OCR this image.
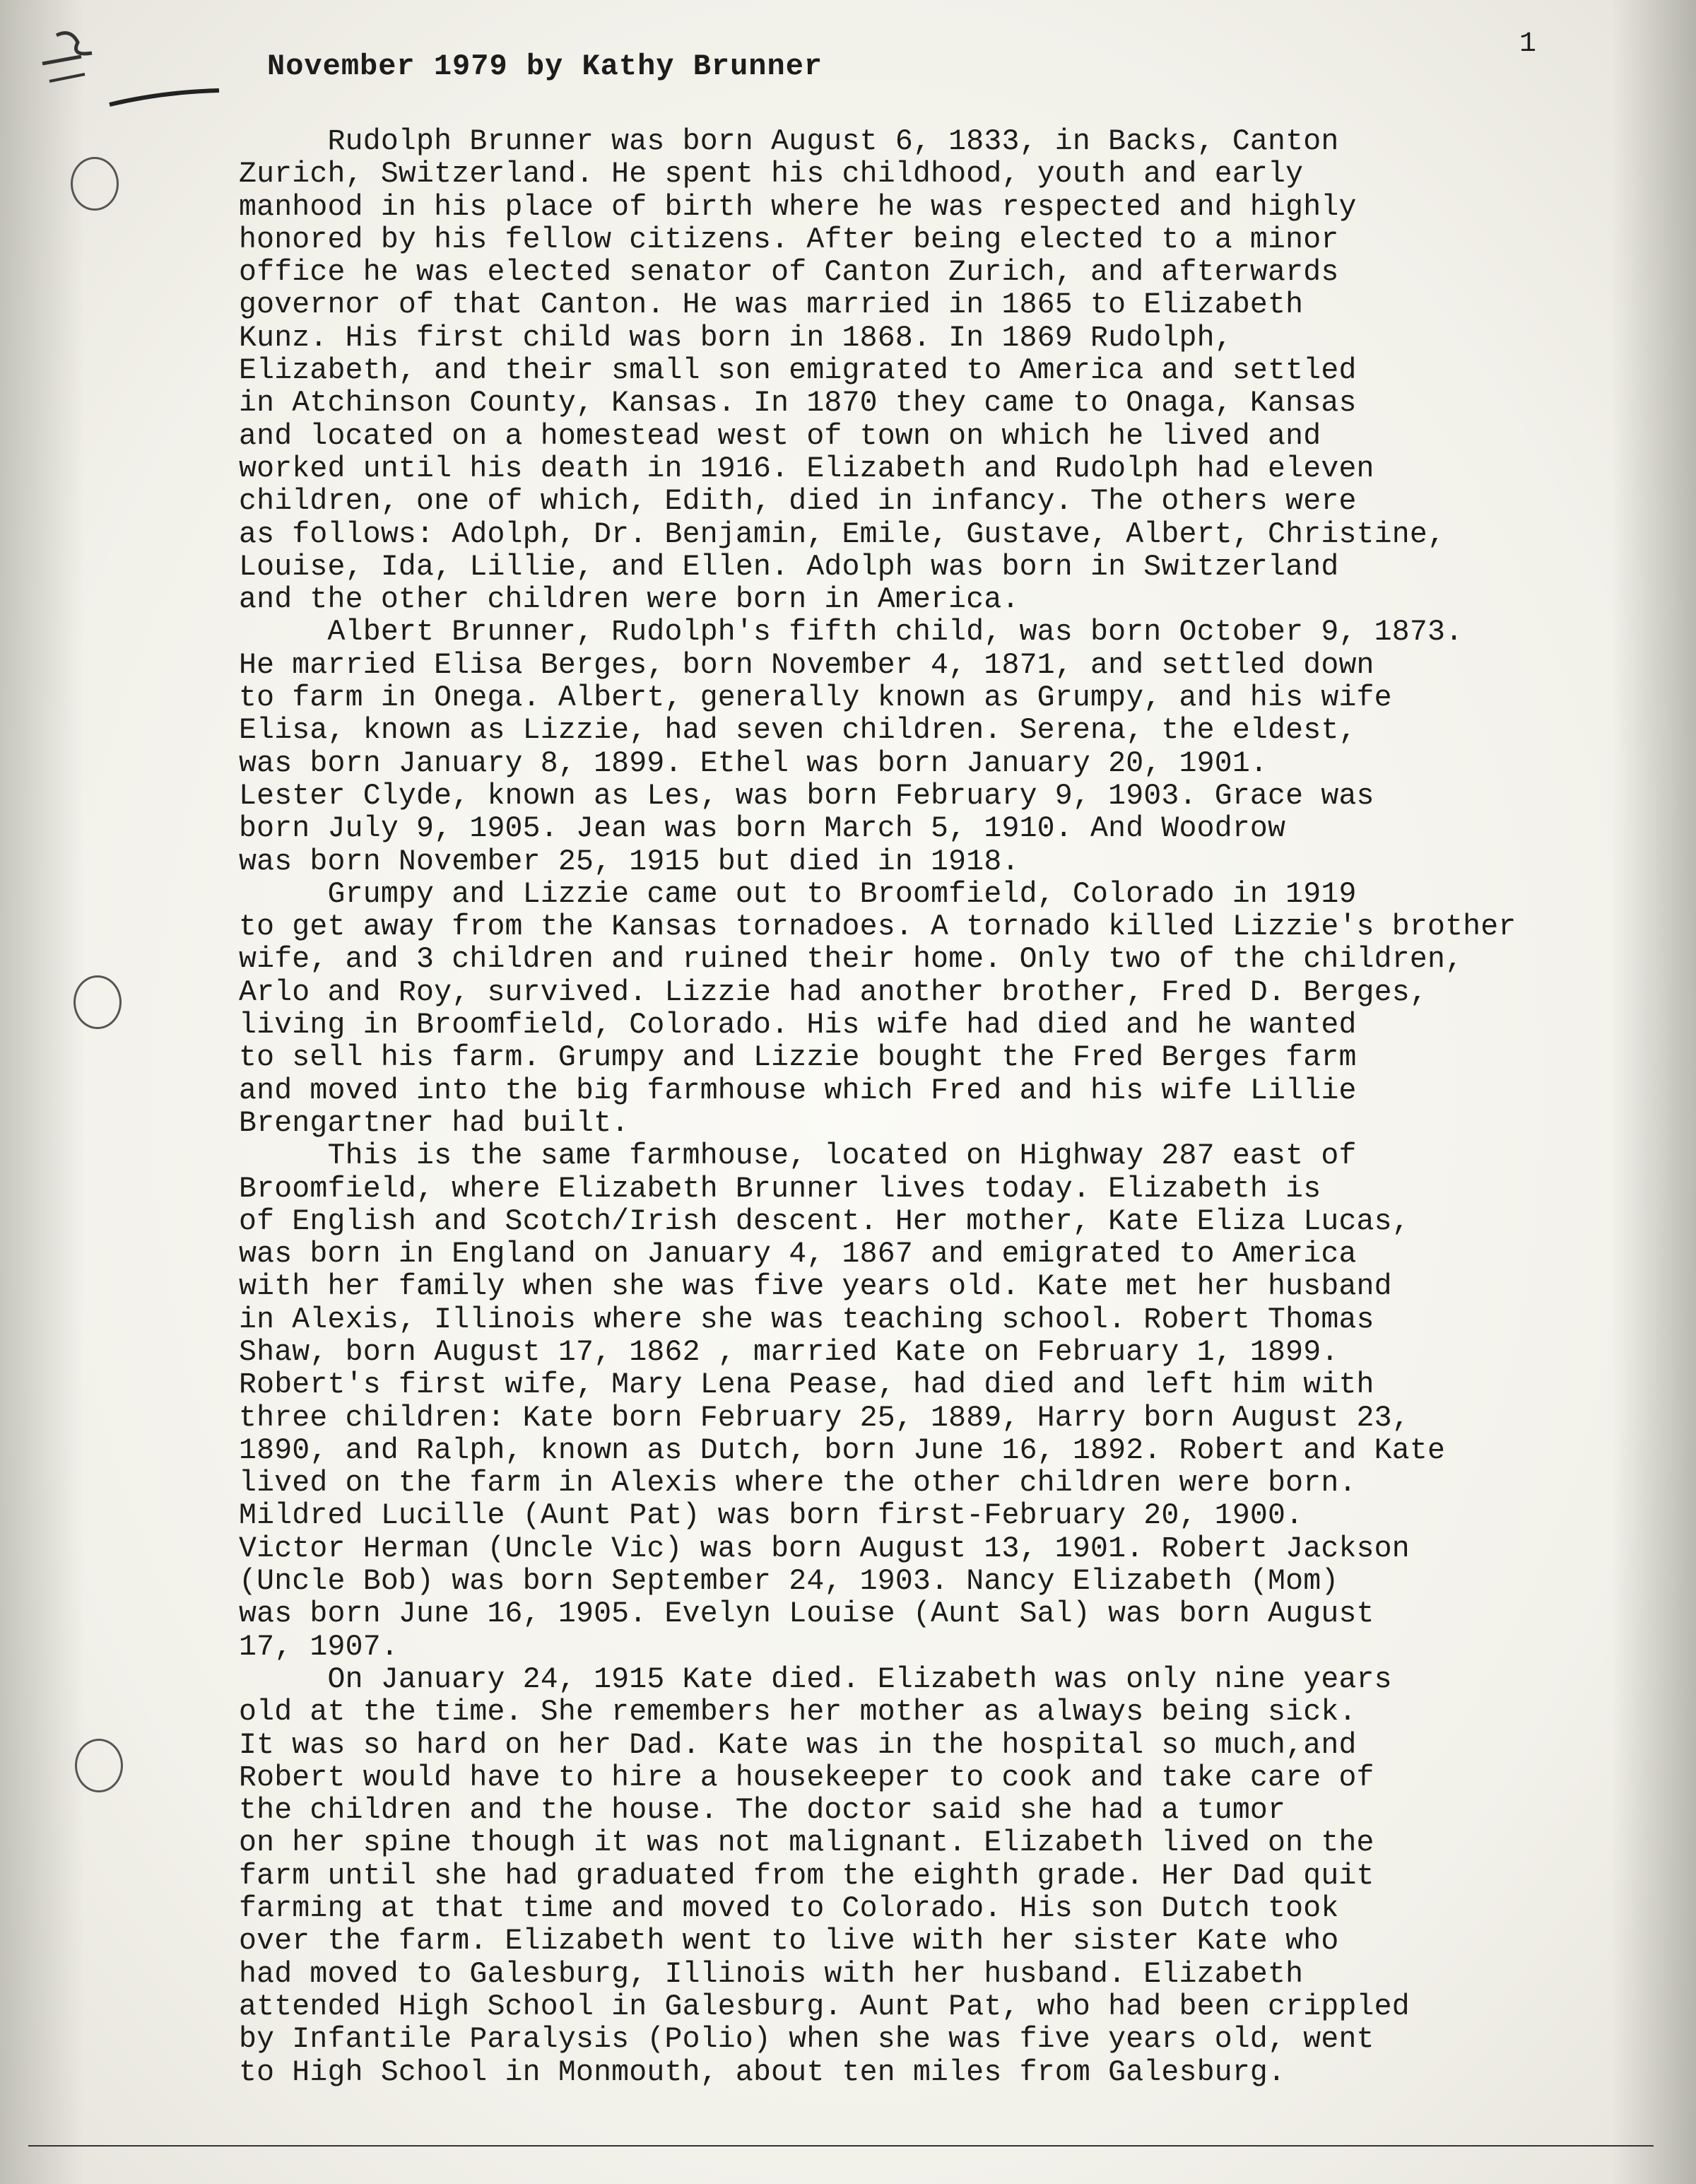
November 1979 by Kathy Brunner
1
Rudolph Brunner was born August 6, 1833, in Backs, Canton
Zurich, Switzerland. He spent his childhood, youth and early
manhood in his place of birth where he was respected and highly
honored by his fellow citizens. After being elected to a minor
office he was elected senator of Canton Zurich, and afterwards
governor of that Canton. He was married in 1865 to Elizabeth
Kunz. His first child was born in 1868. In 1869 Rudolph,
Elizabeth, and their small son emigrated to America and settled
in Atchinson County, Kansas. In 1870 they came to Onaga, Kansas
and located on a homestead west of town on which he lived and
worked until his death in 1916. Elizabeth and Rudolph had eleven
children, one of which, Edith, died in infancy. The others were
as follows: Adolph, Dr. Benjamin, Emile, Gustave, Albert, Christine,
Louise, Ida, Lillie, and Ellen. Adolph was born in Switzerland
and the other children were born in America.
Albert Brunner, Rudolph's fifth child, was born October 9, 1873.
He married Elisa Berges, born November 4, 1871, and settled down
to farm in Onega. Albert, generally known as Grumpy, and his wife
Elisa, known as Lizzie, had seven children. Serena, the eldest,
was born January 8, 1899. Ethel was born January 20, 1901.
Lester Clyde, known as Les, was born February 9, 1903. Grace was
born July 9, 1905. Jean was born March 5, 1910. And Woodrow
was born November 25, 1915 but died in 1918.
Grumpy and Lizzie came out to Broomfield, Colorado in 1919
to get away from the Kansas tornadoes. A tornado killed Lizzie's brother
wife, and 3 children and ruined their home. Only two of the children,
Arlo and Roy, survived. Lizzie had another brother, Fred D. Berges,
living in Broomfield, Colorado. His wife had died and he wanted
to sell his farm. Grumpy and Lizzie bought the Fred Berges farm
and moved into the big farmhouse which Fred and his wife Lillie
Brengartner had built.
This is the same farmhouse, located on Highway 287 east of
Broomfield, where Elizabeth Brunner lives today. Elizabeth is
of English and Scotch/Irish descent. Her mother, Kate Eliza Lucas,
was born in England on January 4, 1867 and emigrated to America
with her family when she was five years old. Kate met her husband
in Alexis, Illinois where she was teaching school. Robert Thomas
Shaw, born August 17, 1862 , married Kate on February 1, 1899.
Robert's first wife, Mary Lena Pease, had died and left him with
three children: Kate born February 25, 1889, Harry born August 23,
1890, and Ralph, known as Dutch, born June 16, 1892. Robert and Kate
lived on the farm in Alexis where the other children were born.
Mildred Lucille (Aunt Pat) was born first-February 20, 1900.
Victor Herman (Uncle Vic) was born August 13, 1901. Robert Jackson
(Uncle Bob) was born September 24, 1903. Nancy Elizabeth (Mom)
was born June 16, 1905. Evelyn Louise (Aunt Sal) was born August
17, 1907.
On January 24, 1915 Kate died. Elizabeth was only nine years
old at the time. She remembers her mother as always being sick.
It was so hard on her Dad. Kate was in the hospital so much,and
Robert would have to hire a housekeeper to cook and take care of
the children and the house. The doctor said she had a tumor
on her spine though it was not malignant. Elizabeth lived on the
farm until she had graduated from the eighth grade. Her Dad quit
farming at that time and moved to Colorado. His son Dutch took
over the farm. Elizabeth went to live with her sister Kate who
had moved to Galesburg, Illinois with her husband. Elizabeth
attended High School in Galesburg. Aunt Pat, who had been crippled
by Infantile Paralysis (Polio) when she was five years old, went
to High School in Monmouth, about ten miles from Galesburg.
